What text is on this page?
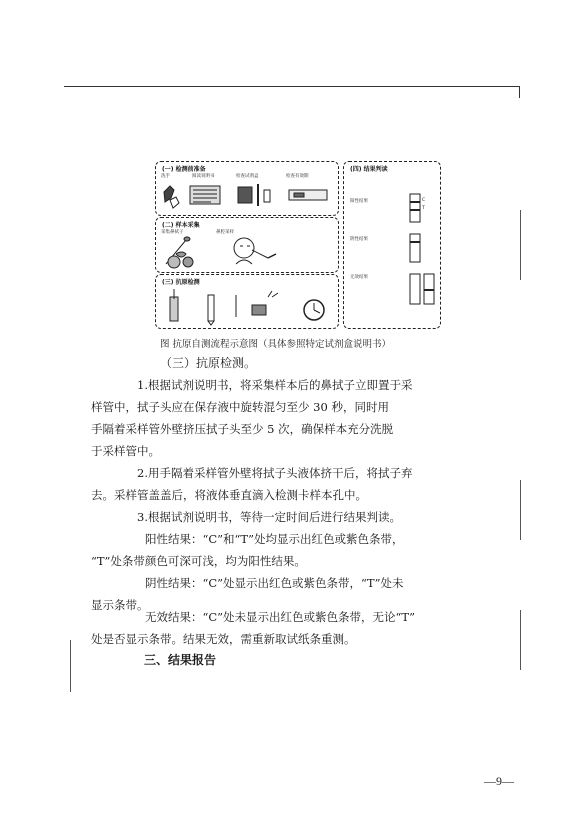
(一) 检测前准备
洗手	阅读说明书	检查试剂盒	检查有效期
(二) 样本采集
采集鼻拭子	鼻腔采样
(三) 抗原检测
(四) 结果判读
阳性结果
阴性结果
无效结果
C
T
图 抗原自测流程示意图（具体参照特定试剂盒说明书）
（三）抗原检测。
1.根据试剂说明书，将采集样本后的鼻拭子立即置于采
样管中，拭子头应在保存液中旋转混匀至少 30 秒，同时用
手隔着采样管外壁挤压拭子头至少 5 次，确保样本充分洗脱
于采样管中。
2.用手隔着采样管外壁将拭子头液体挤干后，将拭子弃
去。采样管盖盖后，将液体垂直滴入检测卡样本孔中。
3.根据试剂说明书，等待一定时间后进行结果判读。
阳性结果：“C”和“T”处均显示出红色或紫色条带，
“T”处条带颜色可深可浅，均为阳性结果。
阴性结果：“C”处显示出红色或紫色条带，“T”处未
显示条带。
无效结果：“C”处未显示出红色或紫色条带，无论“T”
处是否显示条带。结果无效，需重新取试纸条重测。
三、结果报告
—9—
